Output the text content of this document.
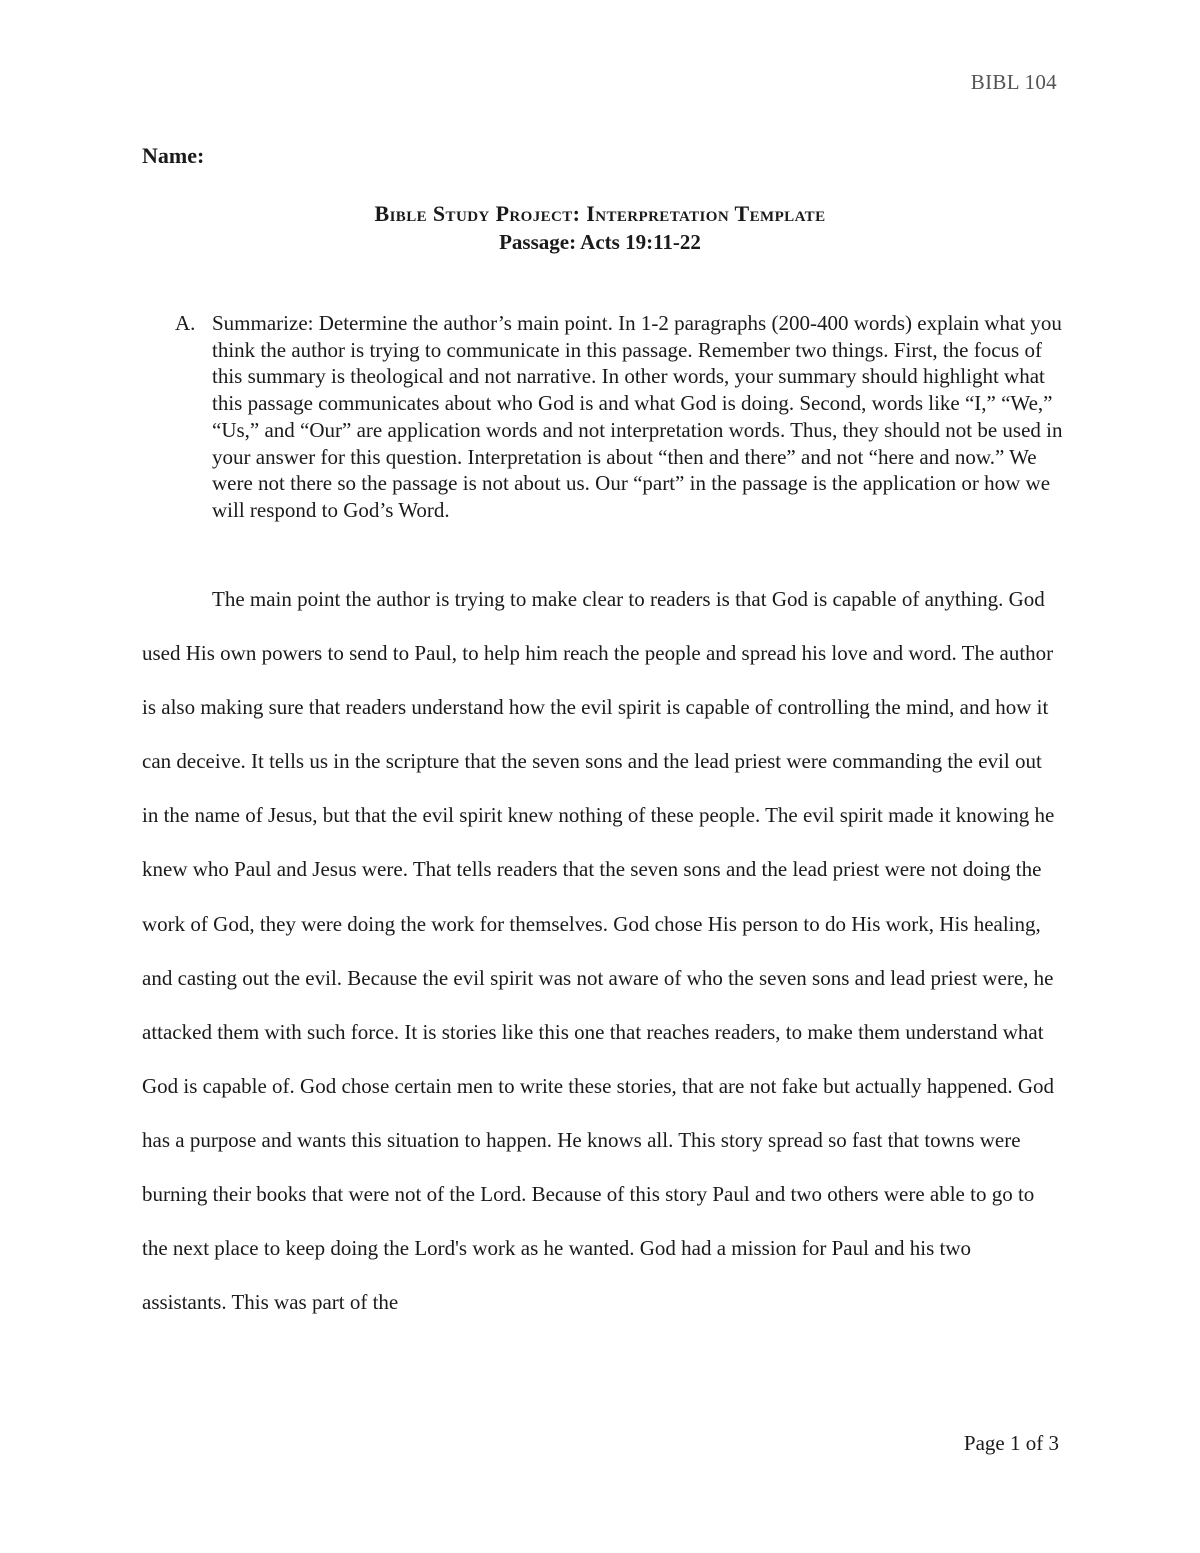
BIBL 104
Name:
Bible Study Project: Interpretation Template
Passage: Acts 19:11-22
A. Summarize: Determine the author’s main point. In 1-2 paragraphs (200-400 words) explain what you think the author is trying to communicate in this passage. Remember two things. First, the focus of this summary is theological and not narrative. In other words, your summary should highlight what this passage communicates about who God is and what God is doing. Second, words like “I,” “We,” “Us,” and “Our” are application words and not interpretation words. Thus, they should not be used in your answer for this question. Interpretation is about “then and there” and not “here and now.” We were not there so the passage is not about us. Our “part” in the passage is the application or how we will respond to God’s Word.

The main point the author is trying to make clear to readers is that God is capable of anything. God used His own powers to send to Paul, to help him reach the people and spread his love and word. The author is also making sure that readers understand how the evil spirit is capable of controlling the mind, and how it can deceive. It tells us in the scripture that the seven sons and the lead priest were commanding the evil out in the name of Jesus, but that the evil spirit knew nothing of these people. The evil spirit made it knowing he knew who Paul and Jesus were. That tells readers that the seven sons and the lead priest were not doing the work of God, they were doing the work for themselves. God chose His person to do His work, His healing, and casting out the evil. Because the evil spirit was not aware of who the seven sons and lead priest were, he attacked them with such force. It is stories like this one that reaches readers, to make them understand what God is capable of. God chose certain men to write these stories, that are not fake but actually happened. God has a purpose and wants this situation to happen. He knows all. This story spread so fast that towns were burning their books that were not of the Lord. Because of this story Paul and two others were able to go to the next place to keep doing the Lord's work as he wanted. God had a mission for Paul and his two assistants. This was part of the

Page 1 of 3
